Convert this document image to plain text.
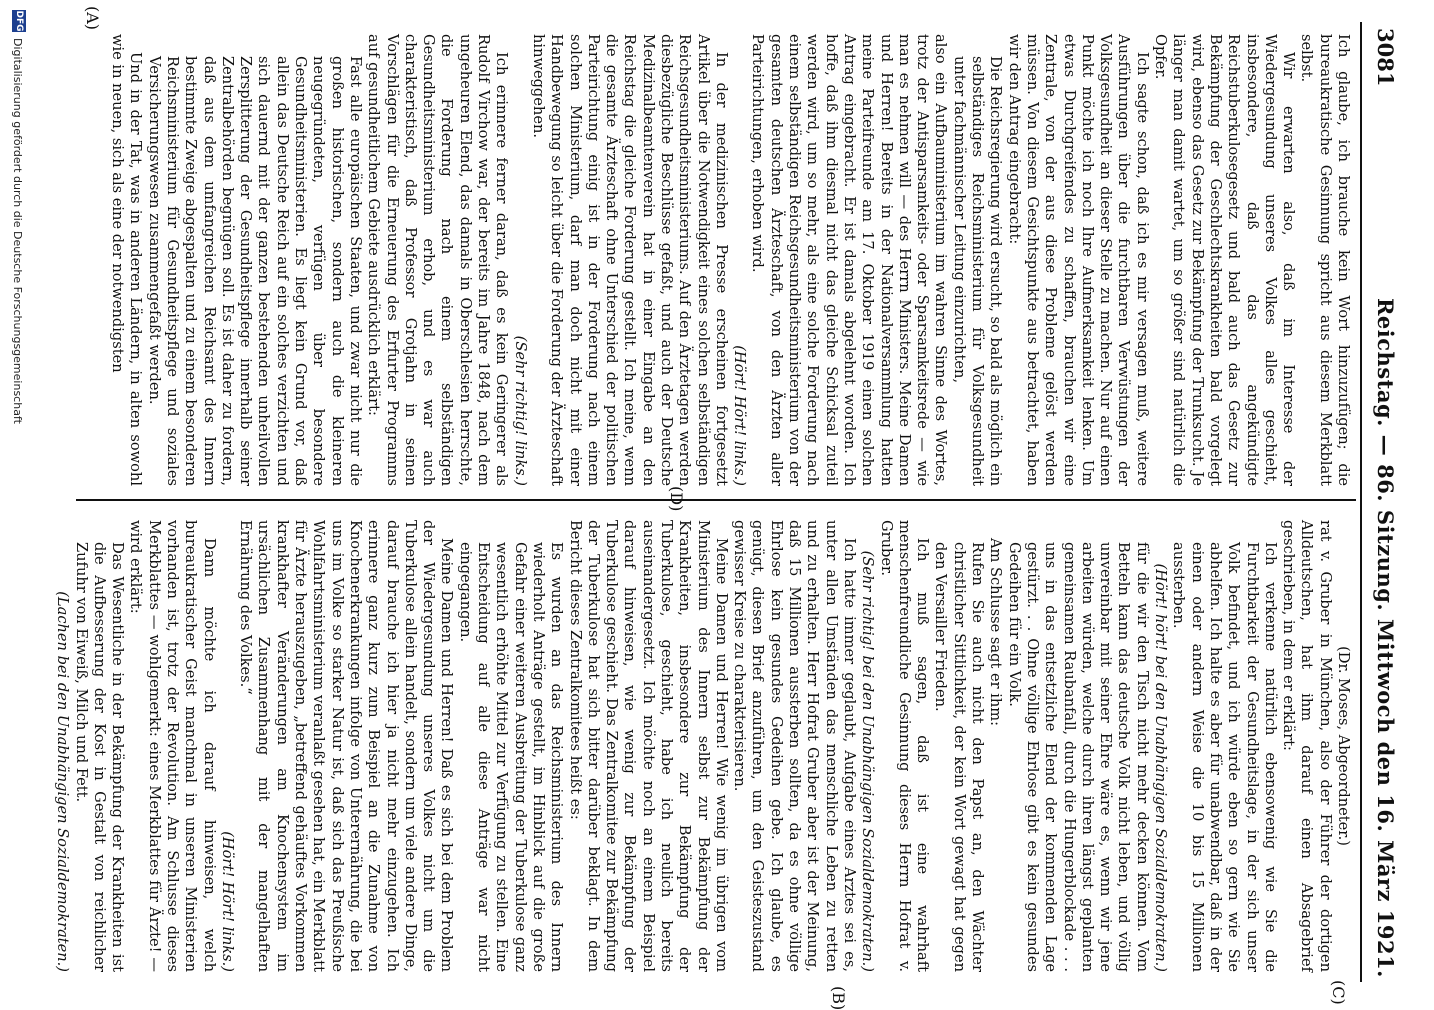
3081
Reichstag. — 86. Sitzung. Mittwoch den 16. März 1921.
(C)
(D)
(B)
(A)

Ich glaube, ich brauche kein Wort hinzuzufügen; die bureaukratische Gesinnung spricht aus diesem Merkblatt selbst.

Wir erwarten also, daß im Interesse der Wiedergesundung unseres Volkes alles geschieht, insbesondere, daß das angekündigte Reichstuberkulosegesetz und bald auch das Gesetz zur Bekämpfung der Geschlechtskrankheiten bald vorgelegt wird, ebenso das Gesetz zur Bekämpfung der Trunksucht. Je länger man damit wartet, um so größer sind natürlich die Opfer.

Ich sagte schon, daß ich es mir versagen muß, weitere Ausführungen über die furchtbaren Verwüstungen der Volksgesundheit an dieser Stelle zu machen. Nur auf einen Punkt möchte ich noch Ihre Aufmerksamkeit lenken. Um etwas Durchgreifendes zu schaffen, brauchen wir eine Zentrale, von der aus diese Probleme gelöst werden müssen. Von diesem Gesichtspunkte aus betrachtet, haben wir den Antrag eingebracht:

Die Reichsregierung wird ersucht, so bald als möglich ein selbständiges Reichsministerium für Volksgesundheit unter fachmännischer Leitung einzurichten,

also ein Aufbauministerium im wahren Sinne des Wortes, trotz der Antisparsamkeits- oder Sparsamkeitsrede — wie man es nehmen will — des Herrn Ministers. Meine Damen und Herren! Bereits in der Nationalversammlung hatten meine Parteifreunde am 17. Oktober 1919 einen solchen Antrag eingebracht. Er ist damals abgelehnt worden. Ich hoffe, daß ihm diesmal nicht das gleiche Schicksal zuteil werden wird, um so mehr, als eine solche Forderung nach einem selbständigen Reichsgesundheitsministerium von der gesamten deutschen Ärzteschaft, von den Ärzten aller Parteirichtungen, erhoben wird.

(Hört! Hört! links.)

In der medizinischen Presse erscheinen fortgesetzt Artikel über die Notwendigkeit eines solchen selbständigen Reichsgesundheitsministeriums. Auf den Ärztetagen werden diesbezügliche Beschlüsse gefaßt, und auch der Deutsche Medizinalbeamtenverein hat in einer Eingabe an den Reichstag die gleiche Forderung gestellt. Ich meine, wenn die gesamte Ärzteschaft ohne Unterschied der politischen Parteirichtung einig ist in der Forderung nach einem solchen Ministerium, darf man doch nicht mit einer Handbewegung so leicht über die Forderung der Ärzteschaft hinweggehen.

(Sehr richtig! links.)

Ich erinnere ferner daran, daß es kein Geringerer als Rudolf Virchow war, der bereits im Jahre 1848, nach dem ungeheuren Elend, das damals in Oberschlesien herrschte, die Forderung nach einem selbständigen Gesundheitsministerium erhob, und es war auch charakteristisch, daß Professor Grotjahn in seinen Vorschlägen für die Erneuerung des Erfurter Programms auf gesundheitlichem Gebiete ausdrücklich erklärt:

Fast alle europäischen Staaten, und zwar nicht nur die großen historischen, sondern auch die kleineren neugegründeten, verfügen über besondere Gesundheitsministerien. Es liegt kein Grund vor, daß allein das Deutsche Reich auf ein solches verzichten und sich dauernd mit der ganzen bestehenden unheilvollen Zersplitterung der Gesundheitspflege innerhalb seiner Zentralbehörden begnügen soll. Es ist daher zu fordern, daß aus dem umfangreichen Reichsamt des Innern bestimmte Zweige abgespalten und zu einem besonderen Reichsministerium für Gesundheitspflege und soziales Versicherungswesen zusammengefaßt werden.

Und in der Tat, was in anderen Ländern, in alten sowohl wie in neuen, sich als eine der notwendigsten

(Dr. Moses, Abgeordneter.)

rat v. Gruber in München, also der Führer der dortigen Alldeutschen, hat ihm darauf einen Absagebrief geschrieben, in dem er erklärt:

Ich verkenne natürlich ebensowenig wie Sie die Furchtbarkeit der Gesundheitslage, in der sich unser Volk befindet, und ich würde eben so gern wie Sie abhelfen. Ich halte es aber für unabwendbar, daß in der einen oder andern Weise die 10 bis 15 Millionen aussterben.

(Hört! hört! bei den Unabhängigen Sozialdemokraten.)

für die wir den Tisch nicht mehr decken können. Vom Betteln kann das deutsche Volk nicht leben, und völlig unvereinbar mit seiner Ehre wäre es, wenn wir jene arbeiten würden, welche durch ihren längst geplanten gemeinsamen Raubanfall, durch die Hungerblockade . . . uns in das entsetzliche Elend der kommenden Lage gestürzt. . . Ohne völlige Ehrlose gibt es kein gesundes Gedeihen für ein Volk.

Am Schlusse sagt er ihm:

Rufen Sie auch nicht den Papst an, den Wächter christlicher Sittlichkeit, der kein Wort gewagt hat gegen den Versailler Frieden.

Ich muß sagen, daß ist eine wahrhaft menschenfreundliche Gesinnung dieses Herrn Hofrat v. Gruber.

(Sehr richtig! bei den Unabhängigen Sozialdemokraten.)

Ich hatte immer geglaubt, Aufgabe eines Arztes sei es, unter allen Umständen das menschliche Leben zu retten und zu erhalten. Herr Hofrat Gruber aber ist der Meinung, daß 15 Millionen aussterben sollten, da es ohne völlige Ehrlose kein gesundes Gedeihen gebe. Ich glaube, es genügt, diesen Brief anzuführen, um den Geisteszustand gewisser Kreise zu charakterisieren.

Meine Damen und Herren! Wie wenig im übrigen vom Ministerium des Innern selbst zur Bekämpfung der Krankheiten, insbesondere zur Bekämpfung der Tuberkulose, geschieht, habe ich neulich bereits auseinandergesetzt. Ich möchte noch an einem Beispiel darauf hinweisen, wie wenig zur Bekämpfung der Tuberkulose geschieht. Das Zentralkomitee zur Bekämpfung der Tuberkulose hat sich bitter darüber beklagt. In dem Bericht dieses Zentralkomitees heißt es:

Es wurden an das Reichsministerium des Innern wiederholt Anträge gestellt, im Hinblick auf die große Gefahr einer weiteren Ausbreitung der Tuberkulose ganz wesentlich erhöhte Mittel zur Verfügung zu stellen. Eine Entscheidung auf alle diese Anträge war nicht eingegangen.

Meine Damen und Herren! Daß es sich bei dem Problem der Wiedergesundung unseres Volkes nicht um die Tuberkulose allein handelt, sondern um viele andere Dinge, darauf brauche ich hier ja nicht mehr einzugehen. Ich erinnere ganz kurz zum Beispiel an die Zunahme von Knochenerkrankungen infolge von Unterernährung, die bei uns im Volke so starker Natur ist, daß sich das Preußische Wohlfahrtsministerium veranlaßt gesehen hat, ein Merkblatt für Ärzte herauszugeben, „betreffend gehäuftes Vorkommen krankhafter Veränderungen am Knochensystem im ursächlichen Zusammenhang mit der mangelhaften Ernährung des Volkes.“

(Hört! Hört! links.)

Dann möchte ich darauf hinweisen, welch bureaukratischer Geist manchmal in unseren Ministerien vorhanden ist, trotz der Revolution. Am Schlusse dieses Merkblattes — wohlgemerkt: eines Merkblattes für Ärzte! — wird erklärt:

Das Wesentliche in der Bekämpfung der Krankheiten ist die Aufbesserung der Kost in Gestalt von reichlicher Zufuhr von Eiweiß, Milch und Fett.

(Lachen bei den Unabhängigen Sozialdemokraten.)

DFG
Digitalisierung gefördert durch die Deutsche Forschungsgemeinschaft
